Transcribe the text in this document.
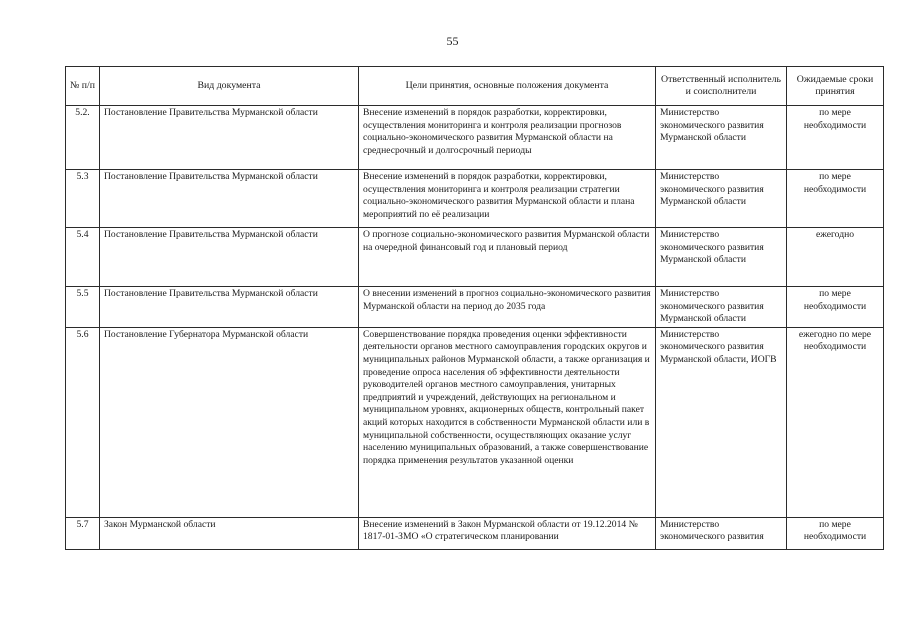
55
№ п/п	Вид документа	Цели принятия, основные положения документа	Ответственный исполнитель и соисполнители	Ожидаемые сроки принятия
5.2.	Постановление Правительства Мурманской области	Внесение изменений в порядок разработки, корректировки, осуществления мониторинга и контроля реализации прогнозов социально-экономического развития Мурманской области на среднесрочный и долгосрочный периоды	Министерство экономического развития Мурманской области	по мере необходимости
5.3	Постановление Правительства Мурманской области	Внесение изменений в порядок разработки, корректировки, осуществления мониторинга и контроля реализации стратегии социально-экономического развития Мурманской области и плана мероприятий по её реализации	Министерство экономического развития Мурманской области	по мере необходимости
5.4	Постановление Правительства Мурманской области	О прогнозе социально-экономического развития Мурманской области на очередной финансовый год и плановый период	Министерство экономического развития Мурманской области	ежегодно
5.5	Постановление Правительства Мурманской области	О внесении изменений в прогноз социально-экономического развития Мурманской области на период до 2035 года	Министерство экономического развития Мурманской области	по мере необходимости
5.6	Постановление Губернатора Мурманской области	Совершенствование порядка проведения оценки эффективности деятельности органов местного самоуправления городских округов и муниципальных районов Мурманской области, а также организация и проведение опроса населения об эффективности деятельности руководителей органов местного самоуправления, унитарных предприятий и учреждений, действующих на региональном и муниципальном уровнях, акционерных обществ, контрольный пакет акций которых находится в собственности Мурманской области или в муниципальной собственности, осуществляющих оказание услуг населению муниципальных образований, а также совершенствование порядка применения результатов указанной оценки	Министерство экономического развития Мурманской области, ИОГВ	ежегодно по мере необходимости
5.7	Закон Мурманской области	Внесение изменений в Закон Мурманской области от 19.12.2014 № 1817-01-ЗМО «О стратегическом планировании	Министерство экономического развития	по мере необходимости
